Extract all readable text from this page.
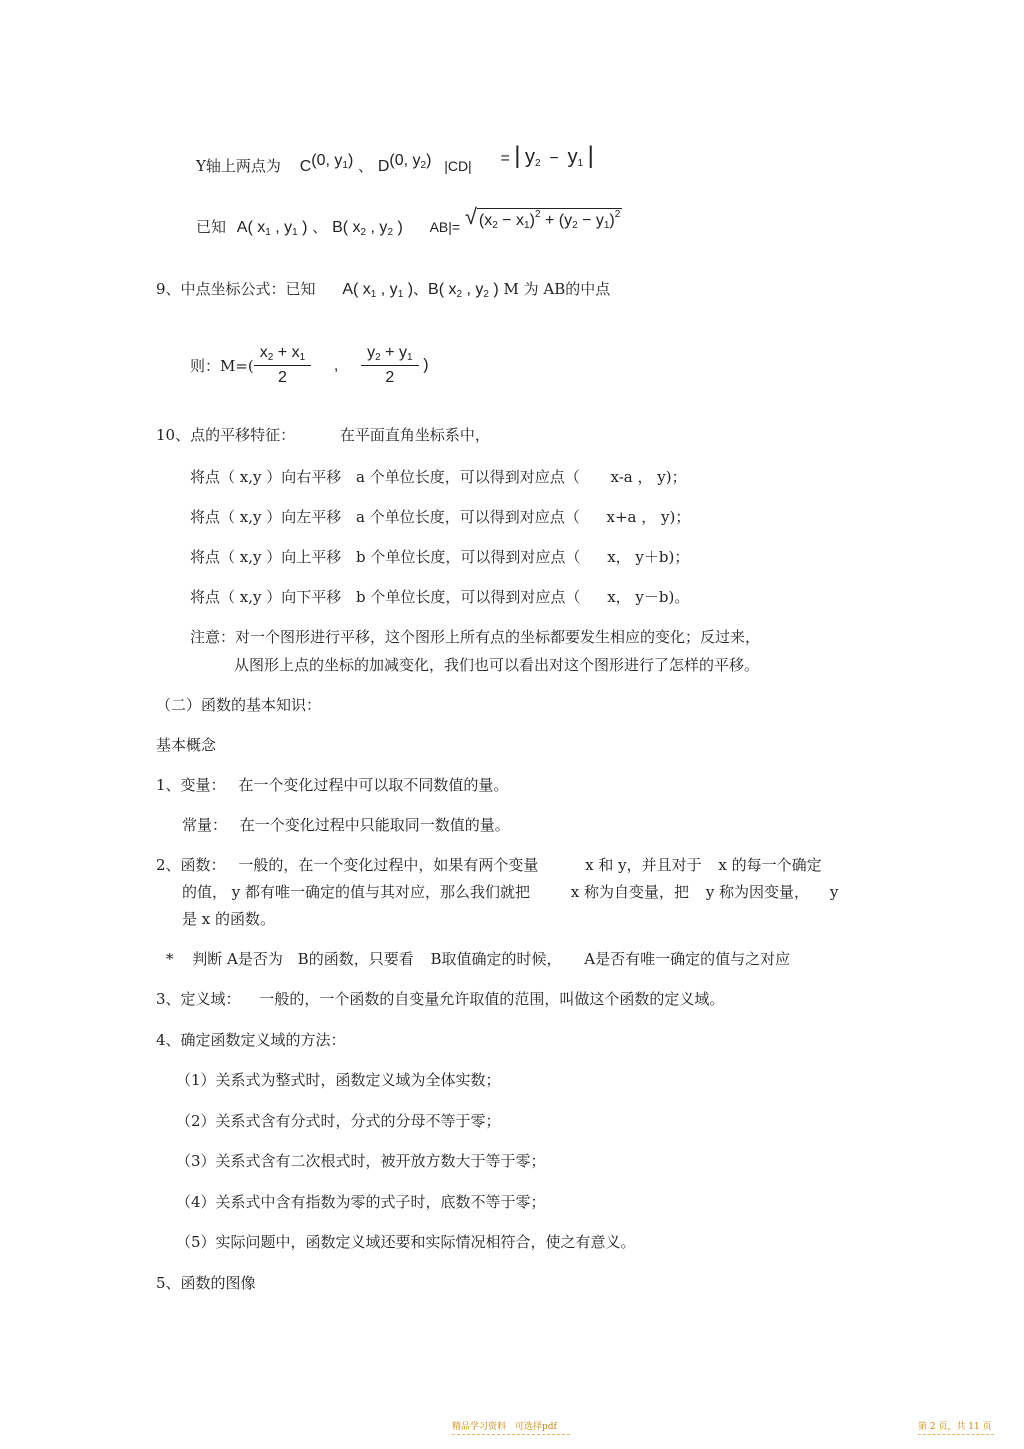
Y轴上两点为 C(0, $y_1$) 、 D(0, $y_2$) |CD| = | $y_2 - y_1$ |
已知 A( $x_1$ , $y_1$ ) 、 B( $x_2$ , $y_2$ ) AB|= √ $(x_2 - x_1)^2 + (y_2 - y_1)^2$
9、中点坐标公式：已知 A( $x_1$ , $y_1$ )、B( $x_2$ , $y_2$ ) M 为 AB的中点
则：$M=( \frac{x_2 + x_1}{2}$ , $\frac{y_2 + y_1}{2}$ )
10、点的平移特征：	在平面直角坐标系中，
将点（ x,y ）向右平移 a 个单位长度，可以得到对应点（ x-a ， y)；
将点（ x,y ）向左平移 a 个单位长度，可以得到对应点（ x+a ， y)；
将点（ x,y ）向上平移 b 个单位长度，可以得到对应点（ x， y＋b)；
将点（ x,y ）向下平移 b 个单位长度，可以得到对应点（ x， y－b)。
注意：对一个图形进行平移，这个图形上所有点的坐标都要发生相应的变化；反过来，
从图形上点的坐标的加减变化，我们也可以看出对这个图形进行了怎样的平移。
（二）函数的基本知识：
基本概念
1、变量： 在一个变化过程中可以取不同数值的量。
常量： 在一个变化过程中只能取同一数值的量。
2、函数： 一般的，在一个变化过程中，如果有两个变量	x 和 y，并且对于 x 的每一个确定
的值， y 都有唯一确定的值与其对应，那么我们就把	x 称为自变量，把 y 称为因变量， y
是 x 的函数。
* 判断 A是否为 B的函数，只要看 B取值确定的时候， A是否有唯一确定的值与之对应
3、定义域： 一般的，一个函数的自变量允许取值的范围，叫做这个函数的定义域。
4、确定函数定义域的方法：
（1）关系式为整式时，函数定义域为全体实数；
（2）关系式含有分式时，分式的分母不等于零；
（3）关系式含有二次根式时，被开放方数大于等于零；
（4）关系式中含有指数为零的式子时，底数不等于零；
（5）实际问题中，函数定义域还要和实际情况相符合，使之有意义。
5、函数的图像
精品学习资料　可选择pdf	第 2 页，共 11 页
